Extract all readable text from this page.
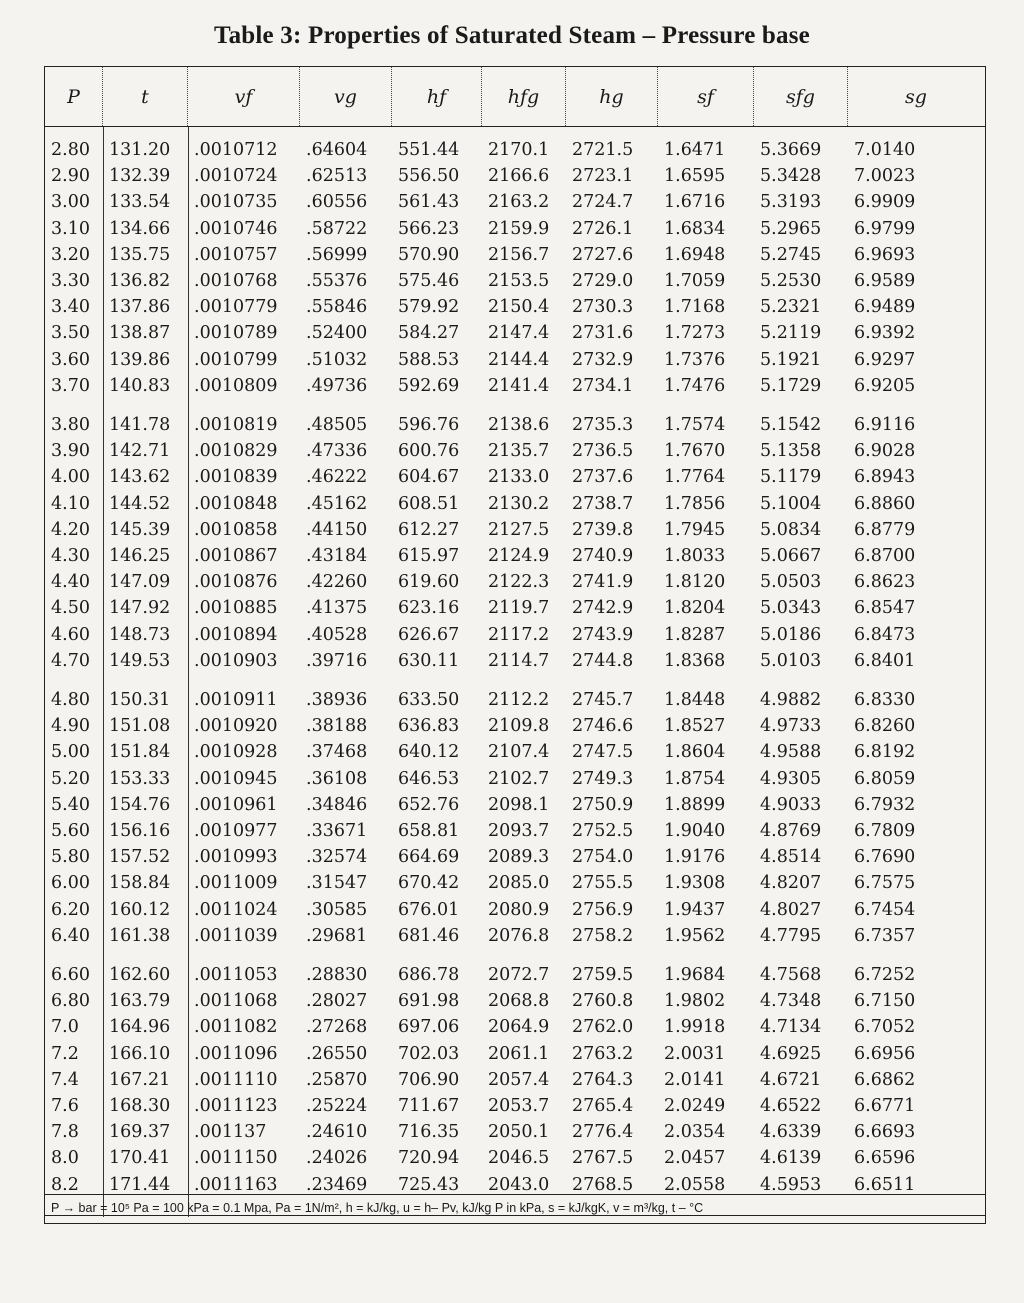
Table 3: Properties of Saturated Steam – Pressure base
P	t	vƒ	vg	hƒ	hƒg	hg	sƒ	sƒg	sg
2.80	131.20	.0010712	.64604	551.44	2170.1	2721.5	1.6471	5.3669	7.0140
2.90	132.39	.0010724	.62513	556.50	2166.6	2723.1	1.6595	5.3428	7.0023
3.00	133.54	.0010735	.60556	561.43	2163.2	2724.7	1.6716	5.3193	6.9909
3.10	134.66	.0010746	.58722	566.23	2159.9	2726.1	1.6834	5.2965	6.9799
3.20	135.75	.0010757	.56999	570.90	2156.7	2727.6	1.6948	5.2745	6.9693
3.30	136.82	.0010768	.55376	575.46	2153.5	2729.0	1.7059	5.2530	6.9589
3.40	137.86	.0010779	.55846	579.92	2150.4	2730.3	1.7168	5.2321	6.9489
3.50	138.87	.0010789	.52400	584.27	2147.4	2731.6	1.7273	5.2119	6.9392
3.60	139.86	.0010799	.51032	588.53	2144.4	2732.9	1.7376	5.1921	6.9297
3.70	140.83	.0010809	.49736	592.69	2141.4	2734.1	1.7476	5.1729	6.9205
3.80	141.78	.0010819	.48505	596.76	2138.6	2735.3	1.7574	5.1542	6.9116
3.90	142.71	.0010829	.47336	600.76	2135.7	2736.5	1.7670	5.1358	6.9028
4.00	143.62	.0010839	.46222	604.67	2133.0	2737.6	1.7764	5.1179	6.8943
4.10	144.52	.0010848	.45162	608.51	2130.2	2738.7	1.7856	5.1004	6.8860
4.20	145.39	.0010858	.44150	612.27	2127.5	2739.8	1.7945	5.0834	6.8779
4.30	146.25	.0010867	.43184	615.97	2124.9	2740.9	1.8033	5.0667	6.8700
4.40	147.09	.0010876	.42260	619.60	2122.3	2741.9	1.8120	5.0503	6.8623
4.50	147.92	.0010885	.41375	623.16	2119.7	2742.9	1.8204	5.0343	6.8547
4.60	148.73	.0010894	.40528	626.67	2117.2	2743.9	1.8287	5.0186	6.8473
4.70	149.53	.0010903	.39716	630.11	2114.7	2744.8	1.8368	5.0103	6.8401
4.80	150.31	.0010911	.38936	633.50	2112.2	2745.7	1.8448	4.9882	6.8330
4.90	151.08	.0010920	.38188	636.83	2109.8	2746.6	1.8527	4.9733	6.8260
5.00	151.84	.0010928	.37468	640.12	2107.4	2747.5	1.8604	4.9588	6.8192
5.20	153.33	.0010945	.36108	646.53	2102.7	2749.3	1.8754	4.9305	6.8059
5.40	154.76	.0010961	.34846	652.76	2098.1	2750.9	1.8899	4.9033	6.7932
5.60	156.16	.0010977	.33671	658.81	2093.7	2752.5	1.9040	4.8769	6.7809
5.80	157.52	.0010993	.32574	664.69	2089.3	2754.0	1.9176	4.8514	6.7690
6.00	158.84	.0011009	.31547	670.42	2085.0	2755.5	1.9308	4.8207	6.7575
6.20	160.12	.0011024	.30585	676.01	2080.9	2756.9	1.9437	4.8027	6.7454
6.40	161.38	.0011039	.29681	681.46	2076.8	2758.2	1.9562	4.7795	6.7357
6.60	162.60	.0011053	.28830	686.78	2072.7	2759.5	1.9684	4.7568	6.7252
6.80	163.79	.0011068	.28027	691.98	2068.8	2760.8	1.9802	4.7348	6.7150
7.0	164.96	.0011082	.27268	697.06	2064.9	2762.0	1.9918	4.7134	6.7052
7.2	166.10	.0011096	.26550	702.03	2061.1	2763.2	2.0031	4.6925	6.6956
7.4	167.21	.0011110	.25870	706.90	2057.4	2764.3	2.0141	4.6721	6.6862
7.6	168.30	.0011123	.25224	711.67	2053.7	2765.4	2.0249	4.6522	6.6771
7.8	169.37	.001137	.24610	716.35	2050.1	2776.4	2.0354	4.6339	6.6693
8.0	170.41	.0011150	.24026	720.94	2046.5	2767.5	2.0457	4.6139	6.6596
8.2	171.44	.0011163	.23469	725.43	2043.0	2768.5	2.0558	4.5953	6.6511
P → bar = 10⁵ Pa = 100 kPa = 0.1 Mpa, Pa = 1N/m², h = kJ/kg, u = h– Pv, kJ/kg P in kPa, s = kJ/kgK, v = m³/kg, t – °C
